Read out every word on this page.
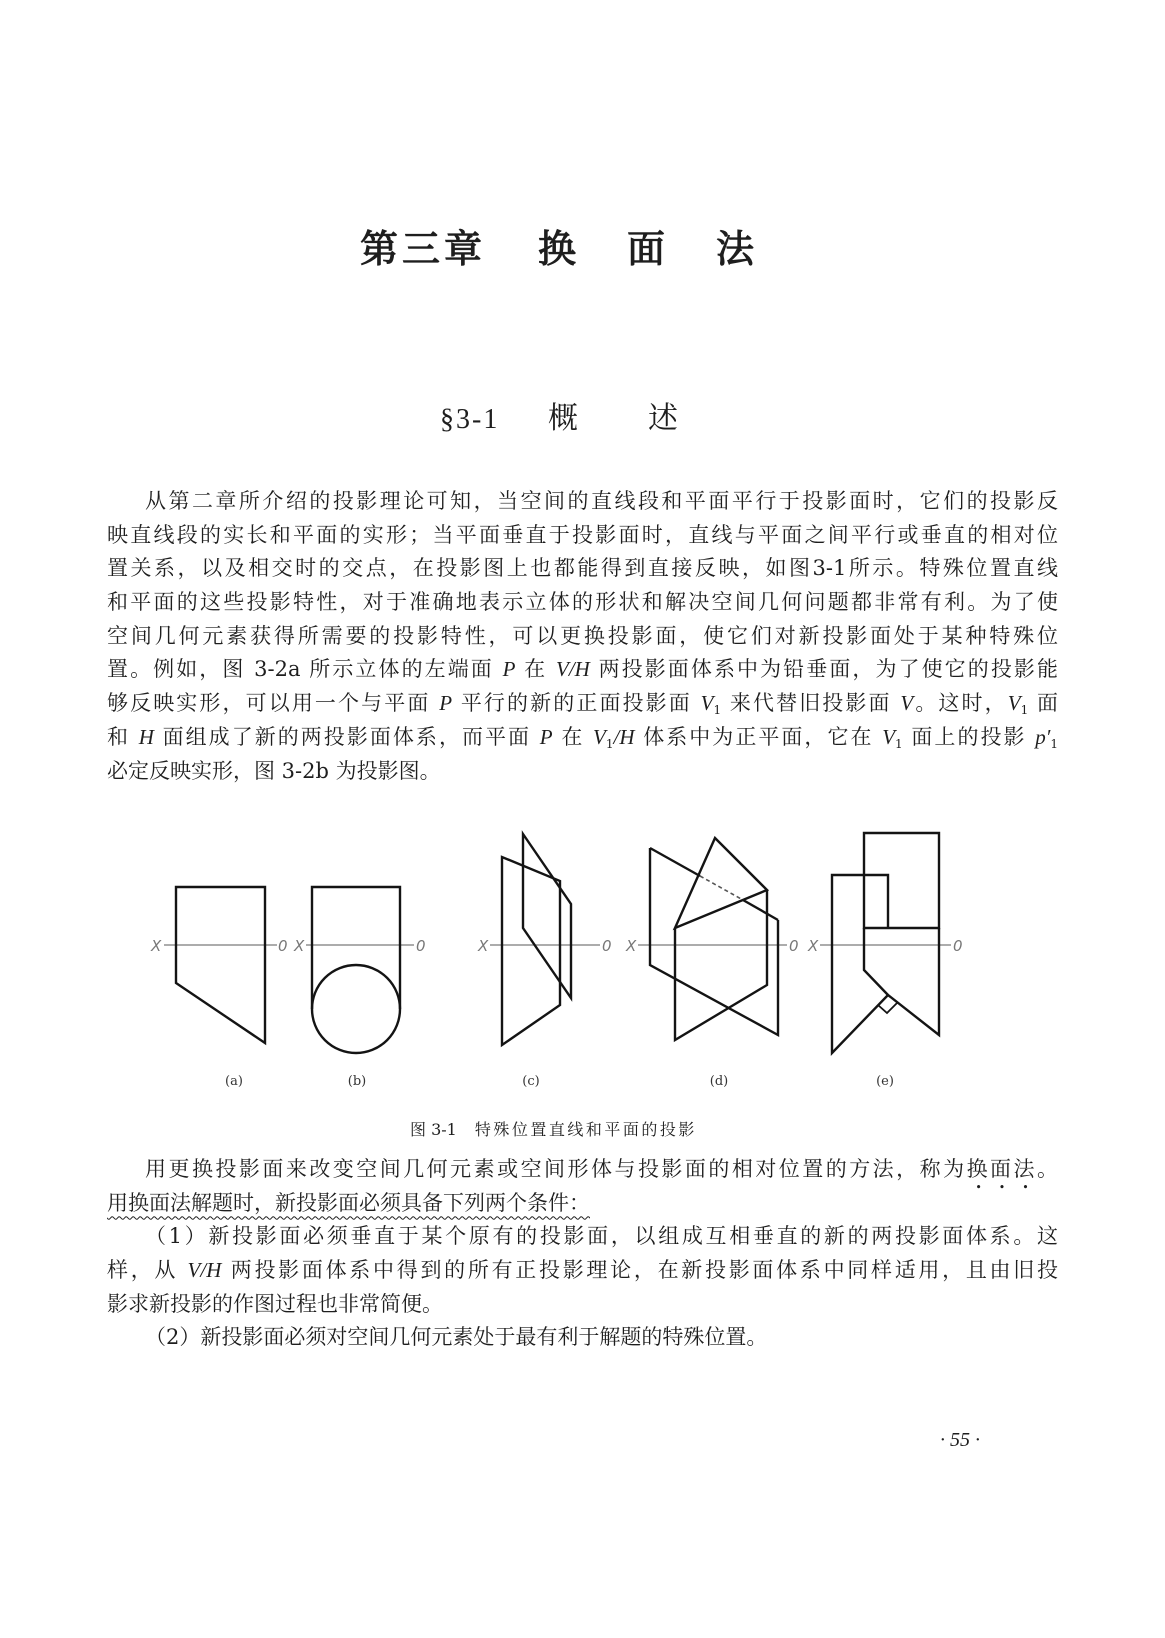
第三章 换面法
§3-1 概述
从第二章所介绍的投影理论可知，当空间的直线段和平面平行于投影面时，它们的投影反
映直线段的实长和平面的实形；当平面垂直于投影面时，直线与平面之间平行或垂直的相对位
置关系，以及相交时的交点，在投影图上也都能得到直接反映，如图3-1所示。特殊位置直线
和平面的这些投影特性，对于准确地表示立体的形状和解决空间几何问题都非常有利。为了使
空间几何元素获得所需要的投影特性，可以更换投影面，使它们对新投影面处于某种特殊位
置。例如，图 3-2a 所示立体的左端面 P 在 V/H 两投影面体系中为铅垂面，为了使它的投影能
够反映实形，可以用一个与平面 P 平行的新的正面投影面 $V_1$ 来代替旧投影面 V。这时，$V_1$ 面
和 H 面组成了新的两投影面体系，而平面 P 在 $V_1/H$ 体系中为正平面，它在 $V_1$ 面上的投影 $p'_1$
必定反映实形，图 3-2b 为投影图。
X	0
(a)
X	0
(b)
X	0
(c)
X	0
(d)
X	0
(e)
图 3-1 特殊位置直线和平面的投影
用更换投影面来改变空间几何元素或空间形体与投影面的相对位置的方法，称为换面法。
用换面法解题时，新投影面必须具备下列两个条件：
（1）新投影面必须垂直于某个原有的投影面，以组成互相垂直的新的两投影面体系。这
样，从 V/H 两投影面体系中得到的所有正投影理论，在新投影面体系中同样适用，且由旧投
影求新投影的作图过程也非常简便。
（2）新投影面必须对空间几何元素处于最有利于解题的特殊位置。
· 55 ·
